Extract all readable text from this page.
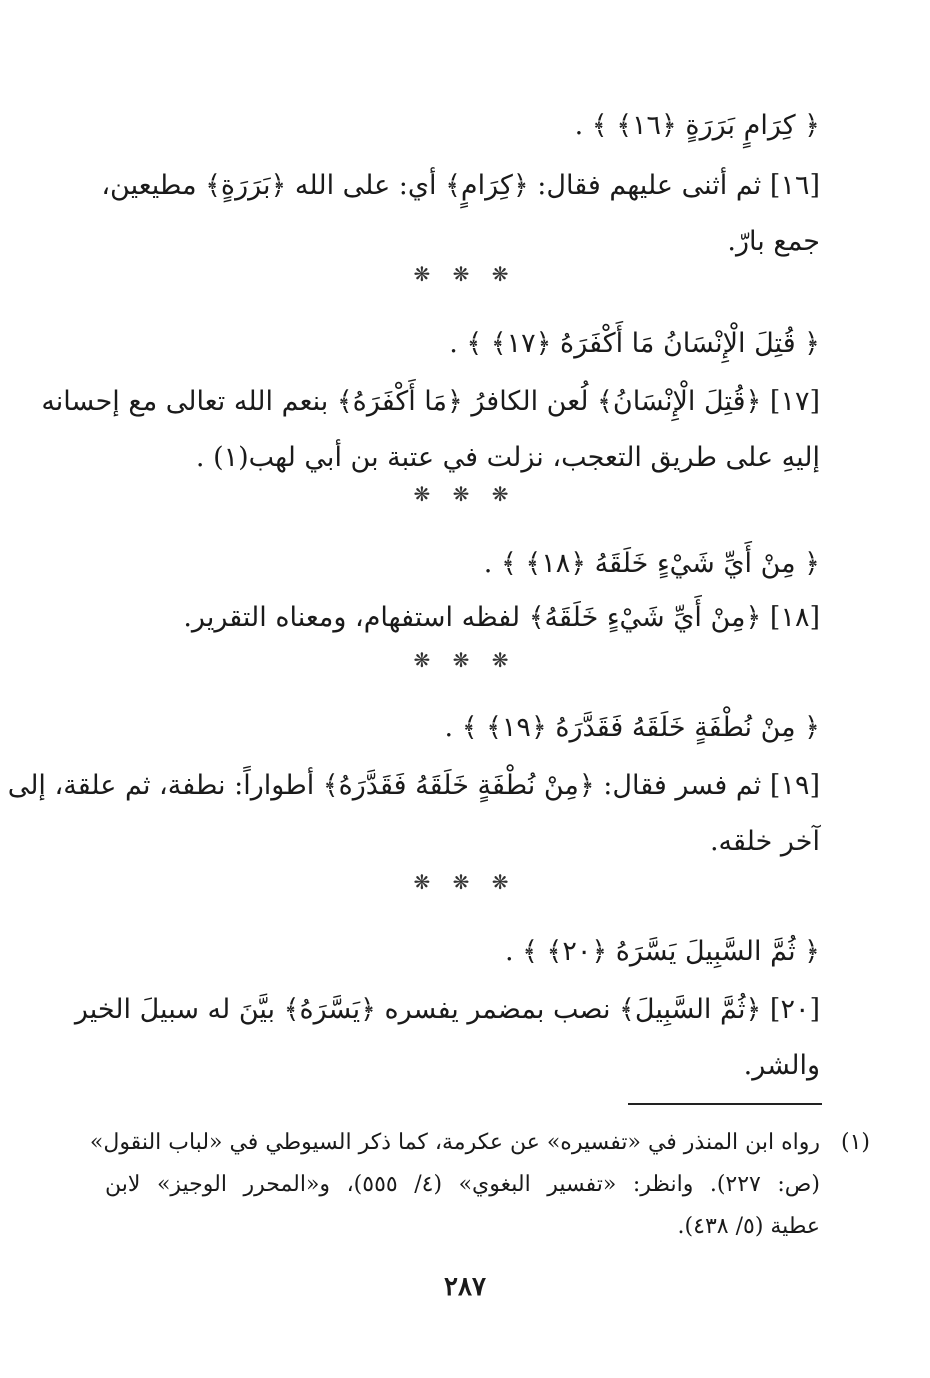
﴿ كِرَامٍ بَرَرَةٍ ﴿١٦﴾ ﴾ .
[١٦] ثم أثنى عليهم فقال: ﴿كِرَامٍ﴾ أي: على الله ﴿بَرَرَةٍ﴾ مطيعين،
جمع بارّ.
❋ ❋ ❋
﴿ قُتِلَ الْإِنْسَانُ مَا أَكْفَرَهُ ﴿١٧﴾ ﴾ .
[١٧] ﴿قُتِلَ الْإِنْسَانُ﴾ لُعن الكافرُ ﴿مَا أَكْفَرَهُ﴾ بنعم الله تعالى مع إحسانه
إليهِ على طريق التعجب، نزلت في عتبة بن أبي لهب(١) .
❋ ❋ ❋
﴿ مِنْ أَيِّ شَيْءٍ خَلَقَهُ ﴿١٨﴾ ﴾ .
[١٨] ﴿مِنْ أَيِّ شَيْءٍ خَلَقَهُ﴾ لفظه استفهام، ومعناه التقرير.
❋ ❋ ❋
﴿ مِنْ نُطْفَةٍ خَلَقَهُ فَقَدَّرَهُ ﴿١٩﴾ ﴾ .
[١٩] ثم فسر فقال: ﴿مِنْ نُطْفَةٍ خَلَقَهُ فَقَدَّرَهُ﴾ أطواراً: نطفة، ثم علقة، إلى
آخر خلقه.
❋ ❋ ❋
﴿ ثُمَّ السَّبِيلَ يَسَّرَهُ ﴿٢٠﴾ ﴾ .
[٢٠] ﴿ثُمَّ السَّبِيلَ﴾ نصب بمضمر يفسره ﴿يَسَّرَهُ﴾ بيَّنَ له سبيلَ الخير
والشر.
(١)
رواه ابن المنذر في «تفسيره» عن عكرمة، كما ذكر السيوطي في «لباب النقول»
(ص: ٢٢٧). وانظر: «تفسير البغوي» (٤/ ٥٥٥)، و«المحرر الوجيز» لابن
عطية (٥/ ٤٣٨).
٢٨٧
